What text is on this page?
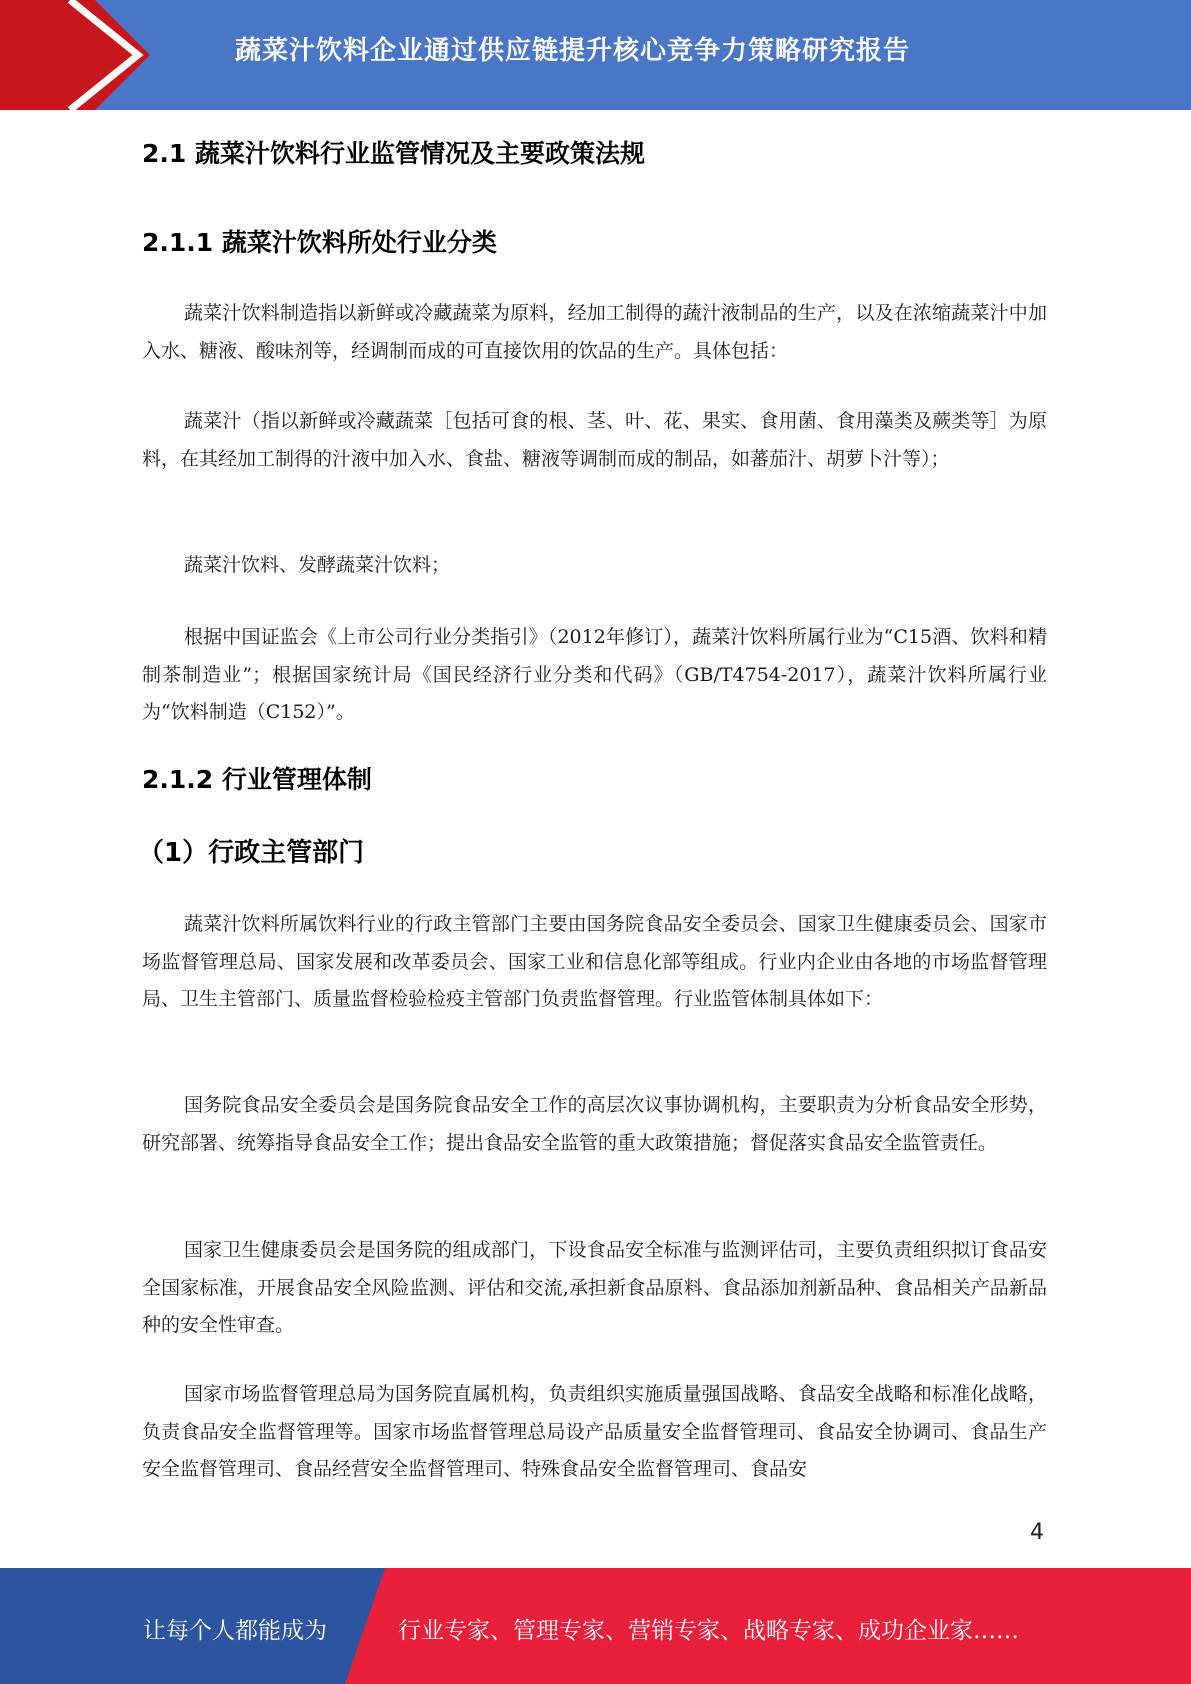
蔬菜汁饮料企业通过供应链提升核心竞争力策略研究报告
2.1 蔬菜汁饮料行业监管情况及主要政策法规
2.1.1 蔬菜汁饮料所处行业分类

蔬菜汁饮料制造指以新鲜或冷藏蔬菜为原料，经加工制得的蔬汁液制品的生产，以及在浓缩蔬菜汁中加入水、糖液、酸味剂等，经调制而成的可直接饮用的饮品的生产。具体包括：

蔬菜汁（指以新鲜或冷藏蔬菜［包括可食的根、茎、叶、花、果实、食用菌、食用藻类及蕨类等］为原料，在其经加工制得的汁液中加入水、食盐、糖液等调制而成的制品，如蕃茄汁、胡萝卜汁等）；

蔬菜汁饮料、发酵蔬菜汁饮料；

根据中国证监会《上市公司行业分类指引》（2012年修订），蔬菜汁饮料所属行业为“C15酒、饮料和精制茶制造业”；根据国家统计局《国民经济行业分类和代码》（GB/T4754-2017），蔬菜汁饮料所属行业为“饮料制造（C152）”。

2.1.2 行业管理体制
（1）行政主管部门

蔬菜汁饮料所属饮料行业的行政主管部门主要由国务院食品安全委员会、国家卫生健康委员会、国家市场监督管理总局、国家发展和改革委员会、国家工业和信息化部等组成。行业内企业由各地的市场监督管理局、卫生主管部门、质量监督检验检疫主管部门负责监督管理。行业监管体制具体如下：

国务院食品安全委员会是国务院食品安全工作的高层次议事协调机构，主要职责为分析食品安全形势，研究部署、统筹指导食品安全工作；提出食品安全监管的重大政策措施；督促落实食品安全监管责任。

国家卫生健康委员会是国务院的组成部门，下设食品安全标准与监测评估司，主要负责组织拟订食品安全国家标准，开展食品安全风险监测、评估和交流,承担新食品原料、食品添加剂新品种、食品相关产品新品种的安全性审查。

国家市场监督管理总局为国务院直属机构，负责组织实施质量强国战略、食品安全战略和标准化战略，负责食品安全监督管理等。国家市场监督管理总局设产品质量安全监督管理司、食品安全协调司、食品生产安全监督管理司、食品经营安全监督管理司、特殊食品安全监督管理司、食品安

4
让每个人都能成为	行业专家、管理专家、营销专家、战略专家、成功企业家……
